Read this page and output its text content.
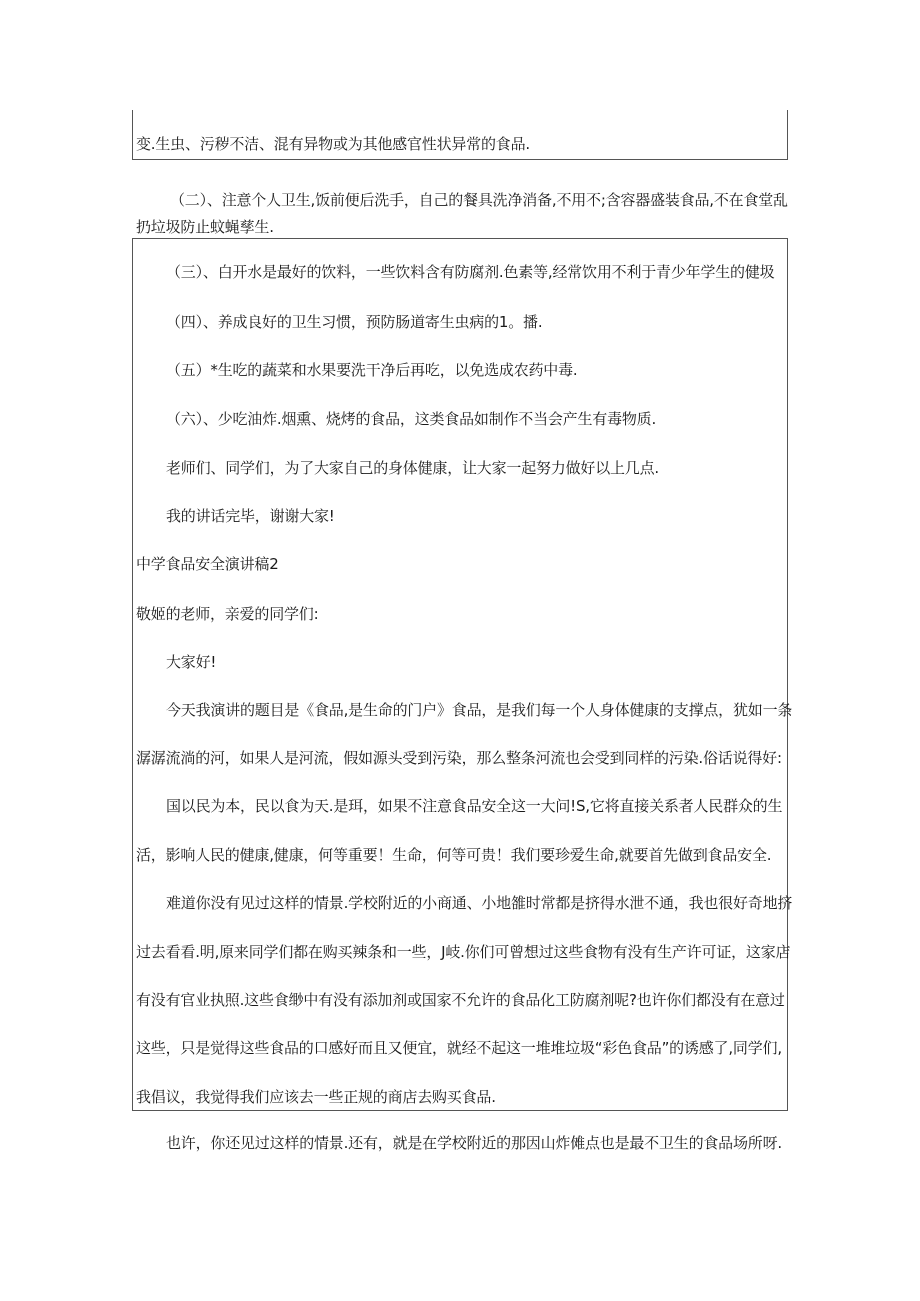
变.生虫、污秽不洁、混有异物或为其他感官性状异常的食品.
（二）、注意个人卫生,饭前便后洗手，自己的餐具洗净消备,不用不;含容器盛装食品,不在食堂乱
扔垃圾防止蚊蝇孳生.
（三）、白开水是最好的饮料，一些饮料含有防腐剂.色素等,经常饮用不利于青少年学生的健圾
（四）、养成良好的卫生习惯，预防肠道寄生虫病的1。播.
（五）*生吃的蔬菜和水果要洗干净后再吃，以免选成农药中毒.
（六）、少吃油炸.烟熏、烧烤的食品，这类食品如制作不当会产生有毒物质.
老师们、同学们，为了大家自己的身体健康，让大家一起努力做好以上几点.
我的讲话完毕，谢谢大家!
中学食品安全演讲稿2
敬姬的老师，亲爱的同学们:
大家好!
今天我演讲的题目是《食品,是生命的门户》食品，是我们每一个人身体健康的支撑点，犹如一条
潺潺流淌的河，如果人是河流，假如源头受到污染，那么整条河流也会受到同样的污染.俗话说得好:
国以民为本，民以食为天.是珥，如果不注意食品安全这一大问!S,它将直接关系者人民群众的生
活，影响人民的健康,健康，何等重要！生命，何等可贵！我们要珍爱生命,就要首先做到食品安全.
难道你没有见过这样的情景.学校附近的小商通、小地雒时常都是挤得水泄不通，我也很好奇地挤
过去看看.明,原来同学们都在购买辣条和一些，J岐.你们可曾想过这些食物有没有生产许可证，这家店
有没有官业执照.这些食缈中有没有添加剂或国家不允许的食品化工防腐剂呢?也许你们都没有在意过
这些，只是觉得这些食品的口感好而且又便宜，就经不起这一堆堆垃圾“彩色食品”的诱感了,同学们,
我倡议，我觉得我们应该去一些正规的商店去购买食品.
也许，你还见过这样的情景.还有，就是在学校附近的那因山炸傩点也是最不卫生的食品场所呀.
